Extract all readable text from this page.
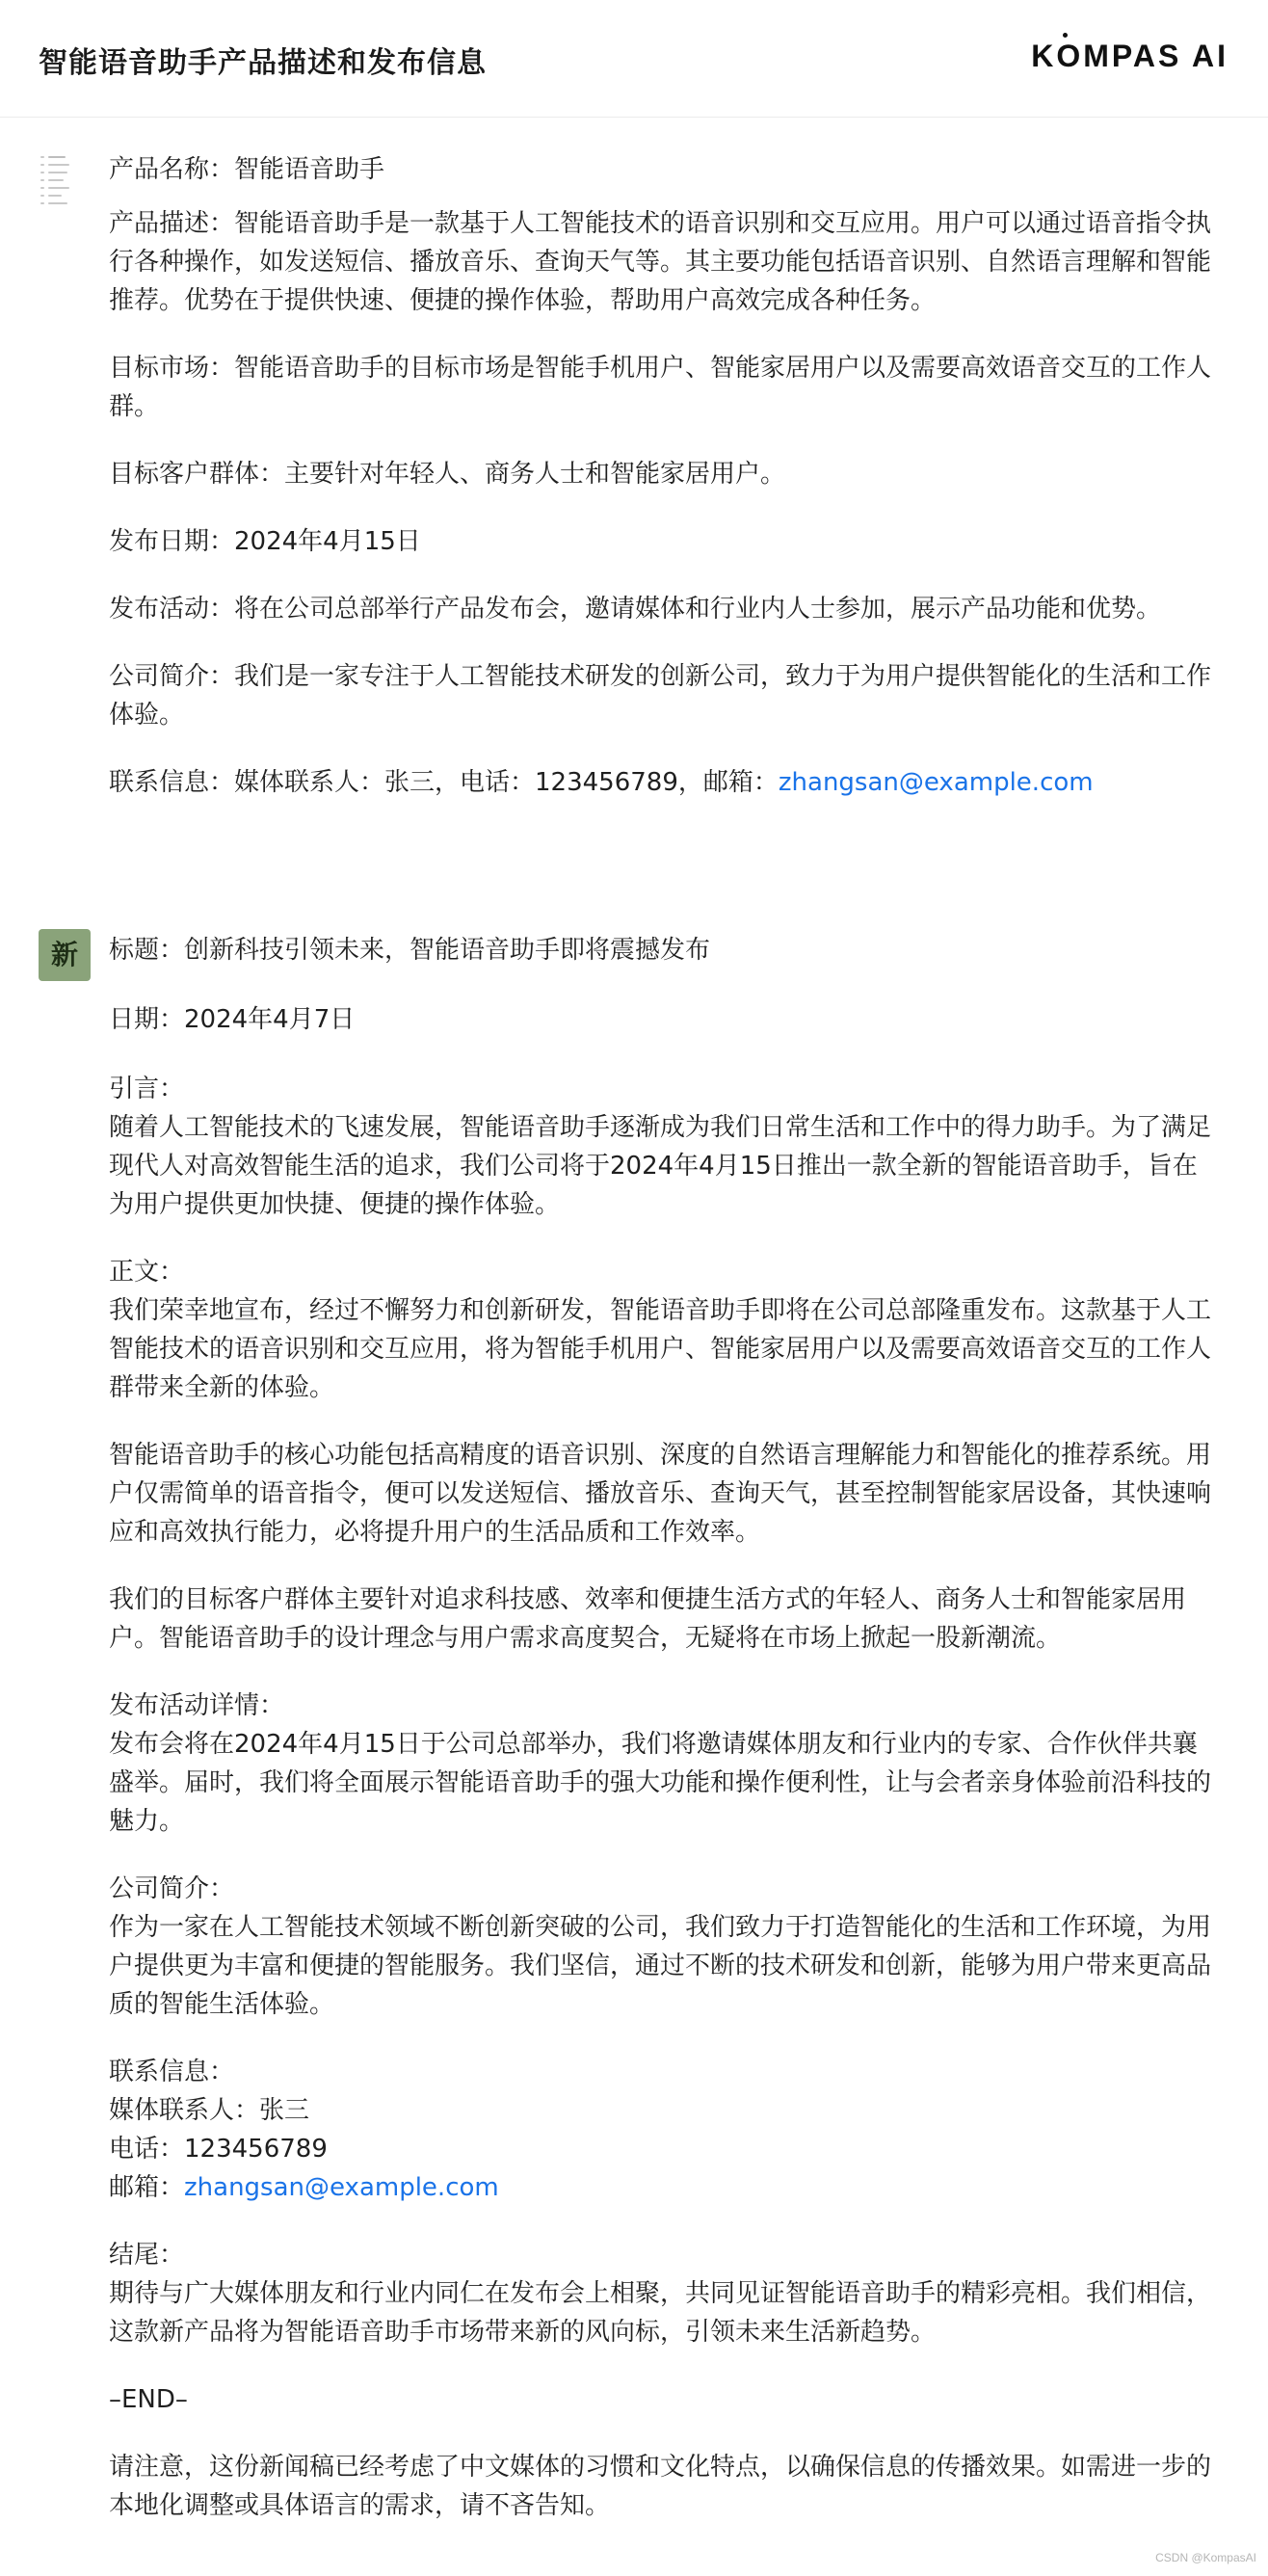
智能语音助手产品描述和发布信息	KOMPAS AI

产品名称：智能语音助手

产品描述：智能语音助手是一款基于人工智能技术的语音识别和交互应用。用户可以通过语音指令执行各种操作，如发送短信、播放音乐、查询天气等。其主要功能包括语音识别、自然语言理解和智能推荐。优势在于提供快速、便捷的操作体验，帮助用户高效完成各种任务。

目标市场：智能语音助手的目标市场是智能手机用户、智能家居用户以及需要高效语音交互的工作人群。

目标客户群体：主要针对年轻人、商务人士和智能家居用户。

发布日期：2024年4月15日

发布活动：将在公司总部举行产品发布会，邀请媒体和行业内人士参加，展示产品功能和优势。

公司简介：我们是一家专注于人工智能技术研发的创新公司，致力于为用户提供智能化的生活和工作体验。

联系信息：媒体联系人：张三，电话：123456789，邮箱：zhangsan@example.com

新	标题：创新科技引领未来，智能语音助手即将震撼发布

日期：2024年4月7日

引言：

随着人工智能技术的飞速发展，智能语音助手逐渐成为我们日常生活和工作中的得力助手。为了满足现代人对高效智能生活的追求，我们公司将于2024年4月15日推出一款全新的智能语音助手，旨在为用户提供更加快捷、便捷的操作体验。

正文：

我们荣幸地宣布，经过不懈努力和创新研发，智能语音助手即将在公司总部隆重发布。这款基于人工智能技术的语音识别和交互应用，将为智能手机用户、智能家居用户以及需要高效语音交互的工作人群带来全新的体验。

智能语音助手的核心功能包括高精度的语音识别、深度的自然语言理解能力和智能化的推荐系统。用户仅需简单的语音指令，便可以发送短信、播放音乐、查询天气，甚至控制智能家居设备，其快速响应和高效执行能力，必将提升用户的生活品质和工作效率。

我们的目标客户群体主要针对追求科技感、效率和便捷生活方式的年轻人、商务人士和智能家居用户。智能语音助手的设计理念与用户需求高度契合，无疑将在市场上掀起一股新潮流。

发布活动详情：

发布会将在2024年4月15日于公司总部举办，我们将邀请媒体朋友和行业内的专家、合作伙伴共襄盛举。届时，我们将全面展示智能语音助手的强大功能和操作便利性，让与会者亲身体验前沿科技的魅力。

公司简介：

作为一家在人工智能技术领域不断创新突破的公司，我们致力于打造智能化的生活和工作环境，为用户提供更为丰富和便捷的智能服务。我们坚信，通过不断的技术研发和创新，能够为用户带来更高品质的智能生活体验。

联系信息：

媒体联系人：张三

电话：123456789

邮箱：zhangsan@example.com

结尾：

期待与广大媒体朋友和行业内同仁在发布会上相聚，共同见证智能语音助手的精彩亮相。我们相信，这款新产品将为智能语音助手市场带来新的风向标，引领未来生活新趋势。

–END–

请注意，这份新闻稿已经考虑了中文媒体的习惯和文化特点，以确保信息的传播效果。如需进一步的本地化调整或具体语言的需求，请不吝告知。

CSDN @KompasAI
